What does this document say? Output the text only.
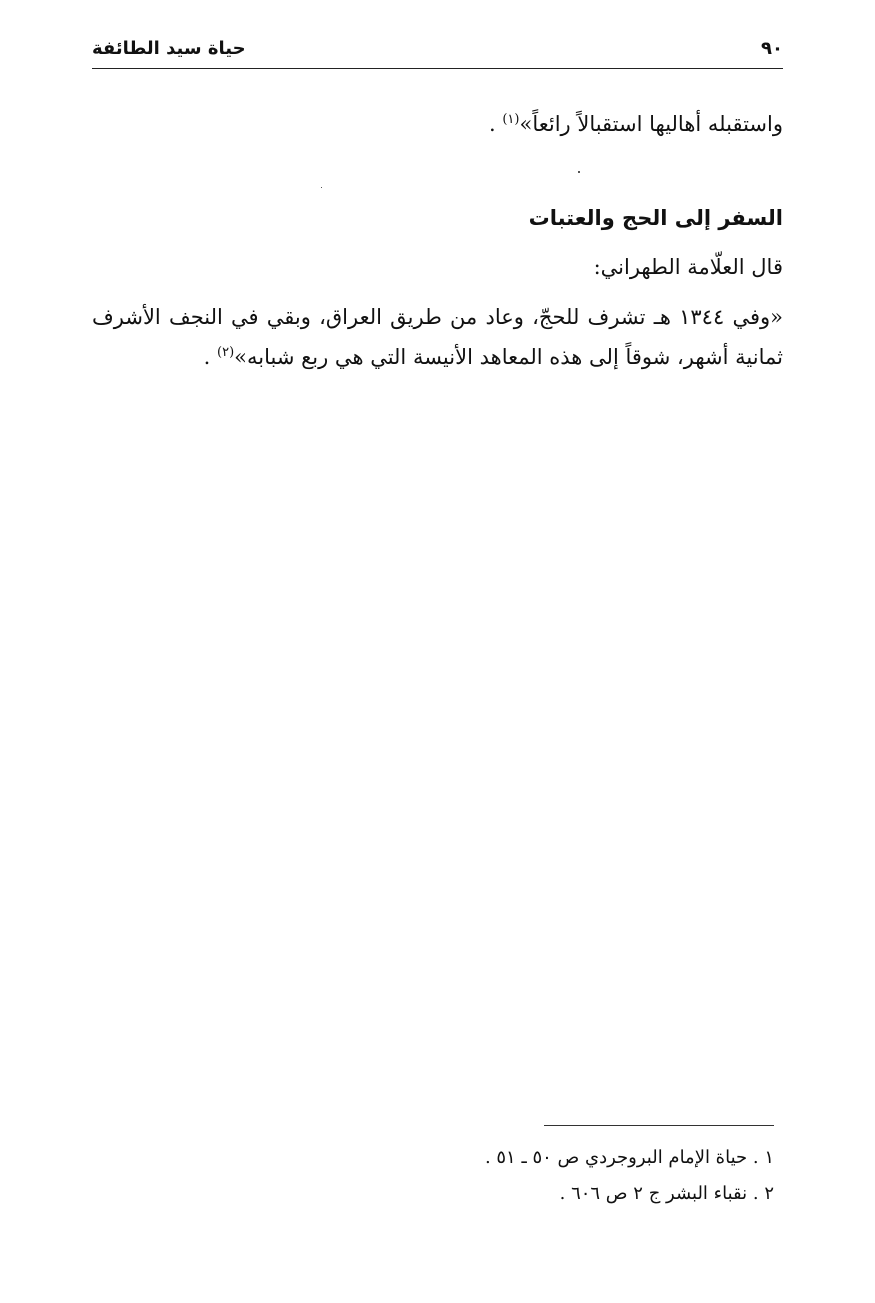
حياة سيد الطائفة	٩٠

واستقبله أهاليها استقبالاً رائعاً»$^{(١)}$ .

السفر إلى الحج والعتبات

قال العلّامة الطهراني:

«وفي ١٣٤٤ هـ تشرف للحجّ، وعاد من طريق العراق، وبقي في النجف الأشرف ثمانية أشهر، شوقاً إلى هذه المعاهد الأنيسة التي هي ربع شبابه»$^{(٢)}$ .

١ . حياة الإمام البروجردي ص ٥٠ ـ ٥١ .
٢ . نقباء البشر ج ٢ ص ٦٠٦ .
